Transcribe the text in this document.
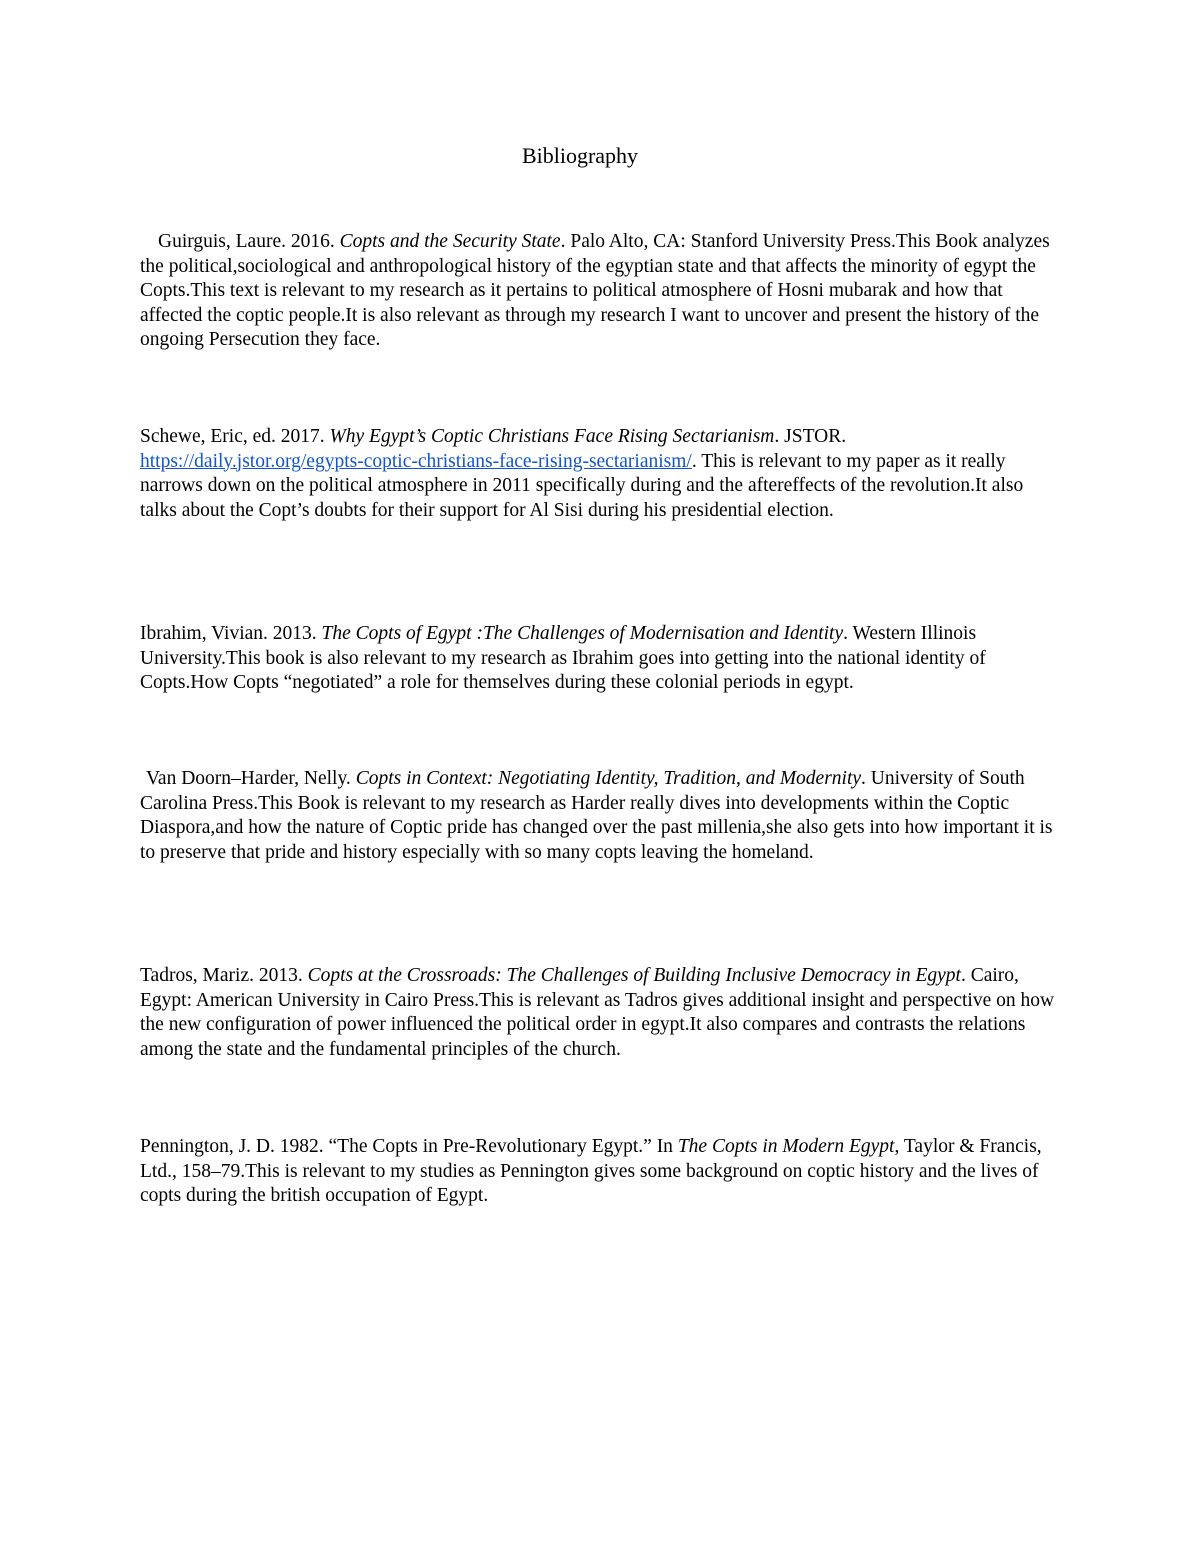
Bibliography

Guirguis, Laure. 2016. Copts and the Security State. Palo Alto, CA: Stanford University Press.This Book analyzes the political,sociological and anthropological history of the egyptian state and that affects the minority of egypt the Copts.This text is relevant to my research as it pertains to political atmosphere of Hosni mubarak and how that affected the coptic people.It is also relevant as through my research I want to uncover and present the history of the ongoing Persecution they face.

Schewe, Eric, ed. 2017. Why Egypt’s Coptic Christians Face Rising Sectarianism. JSTOR.
https://daily.jstor.org/egypts-coptic-christians-face-rising-sectarianism/. This is relevant to my paper as it really narrows down on the political atmosphere in 2011 specifically during and the aftereffects of the revolution.It also talks about the Copt’s doubts for their support for Al Sisi during his presidential election.

Ibrahim, Vivian. 2013. The Copts of Egypt :The Challenges of Modernisation and Identity. Western Illinois University.This book is also relevant to my research as Ibrahim goes into getting into the national identity of Copts.How Copts “negotiated” a role for themselves during these colonial periods in egypt.

Van Doorn–Harder, Nelly. Copts in Context: Negotiating Identity, Tradition, and Modernity. University of South Carolina Press.This Book is relevant to my research as Harder really dives into developments within the Coptic Diaspora,and how the nature of Coptic pride has changed over the past millenia,she also gets into how important it is to preserve that pride and history especially with so many copts leaving the homeland.

Tadros, Mariz. 2013. Copts at the Crossroads: The Challenges of Building Inclusive Democracy in Egypt. Cairo, Egypt: American University in Cairo Press.This is relevant as Tadros gives additional insight and perspective on how the new configuration of power influenced the political order in egypt.It also compares and contrasts the relations among the state and the fundamental principles of the church.

Pennington, J. D. 1982. “The Copts in Pre-Revolutionary Egypt.” In The Copts in Modern Egypt, Taylor & Francis, Ltd., 158–79.This is relevant to my studies as Pennington gives some background on coptic history and the lives of copts during the british occupation of Egypt.
